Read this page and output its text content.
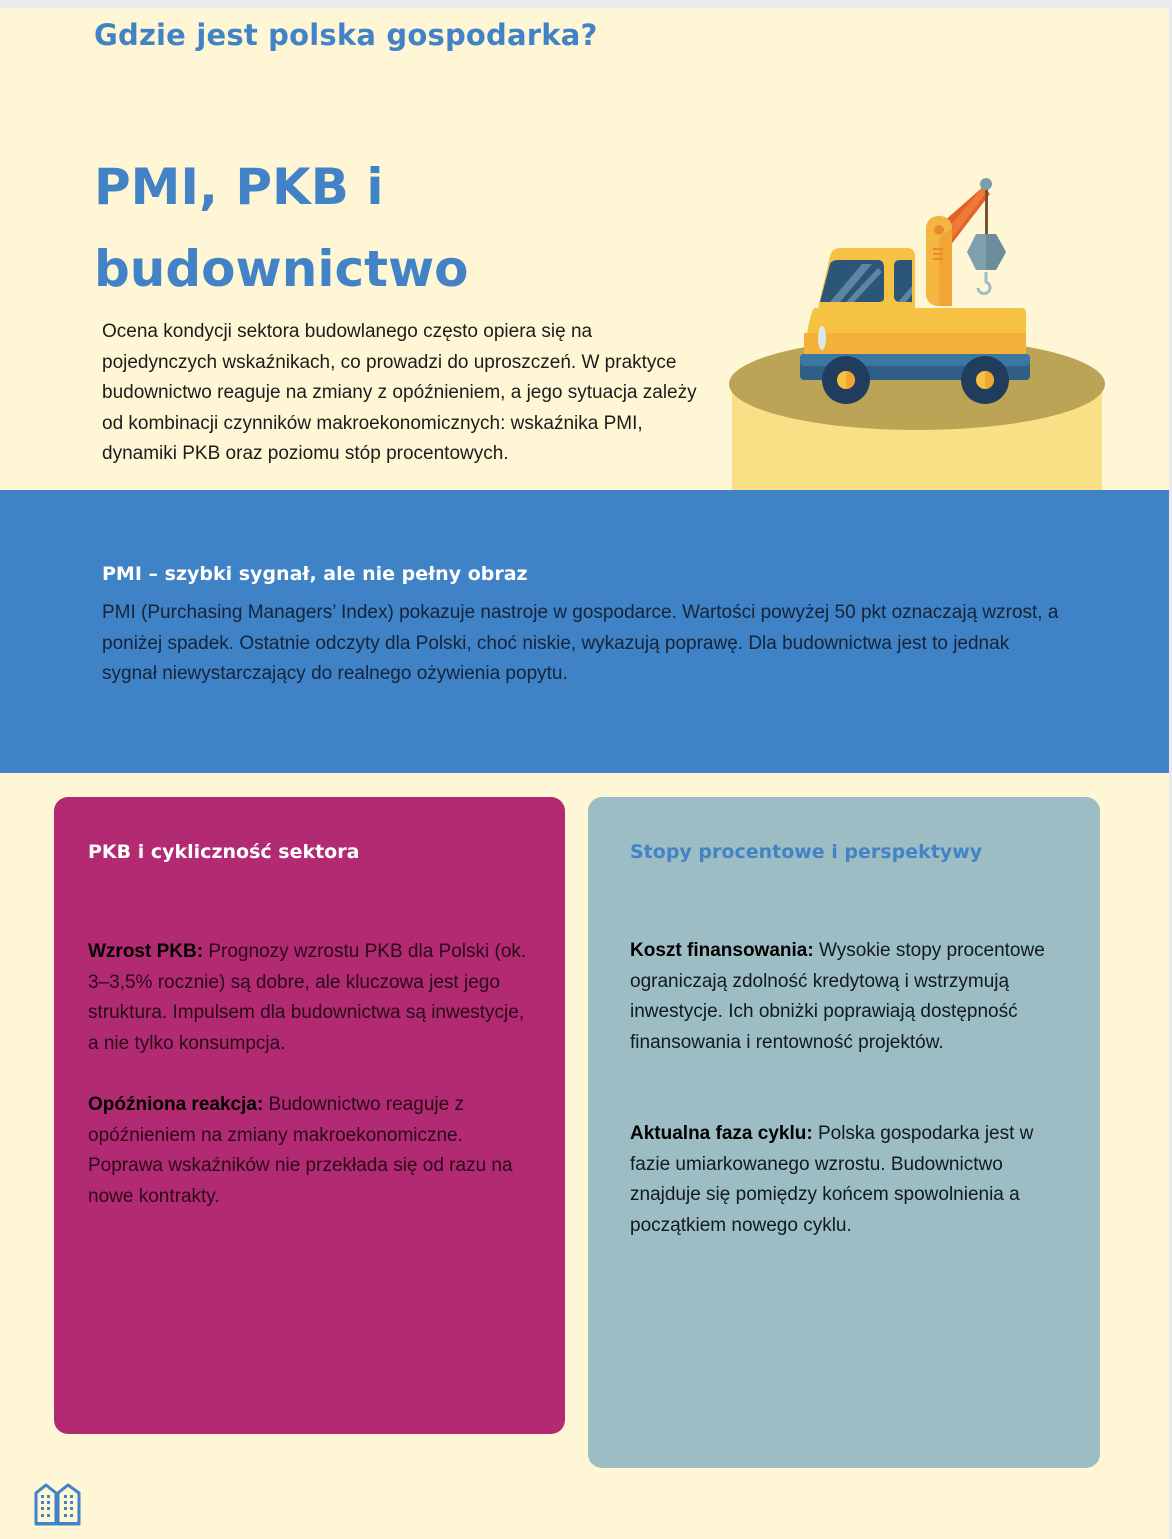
Gdzie jest polska gospodarka?
PMI, PKB i
budownictwo

Ocena kondycji sektora budowlanego często opiera się na pojedynczych wskaźnikach, co prowadzi do uproszczeń. W praktyce budownictwo reaguje na zmiany z opóźnieniem, a jego sytuacja zależy od kombinacji czynników makroekonomicznych: wskaźnika PMI, dynamiki PKB oraz poziomu stóp procentowych.

PMI – szybki sygnał, ale nie pełny obraz

PMI (Purchasing Managers’ Index) pokazuje nastroje w gospodarce. Wartości powyżej 50 pkt oznaczają wzrost, a poniżej spadek. Ostatnie odczyty dla Polski, choć niskie, wykazują poprawę. Dla budownictwa jest to jednak sygnał niewystarczający do realnego ożywienia popytu.

PKB i cykliczność sektora

Wzrost PKB: Prognozy wzrostu PKB dla Polski (ok. 3–3,5% rocznie) są dobre, ale kluczowa jest jego struktura. Impulsem dla budownictwa są inwestycje, a nie tylko konsumpcja.

Opóźniona reakcja: Budownictwo reaguje z opóźnieniem na zmiany makroekonomiczne. Poprawa wskaźników nie przekłada się od razu na nowe kontrakty.

Stopy procentowe i perspektywy

Koszt finansowania: Wysokie stopy procentowe ograniczają zdolność kredytową i wstrzymują inwestycje. Ich obniżki poprawiają dostępność finansowania i rentowność projektów.

Aktualna faza cyklu: Polska gospodarka jest w fazie umiarkowanego wzrostu. Budownictwo znajduje się pomiędzy końcem spowolnienia a początkiem nowego cyklu.
